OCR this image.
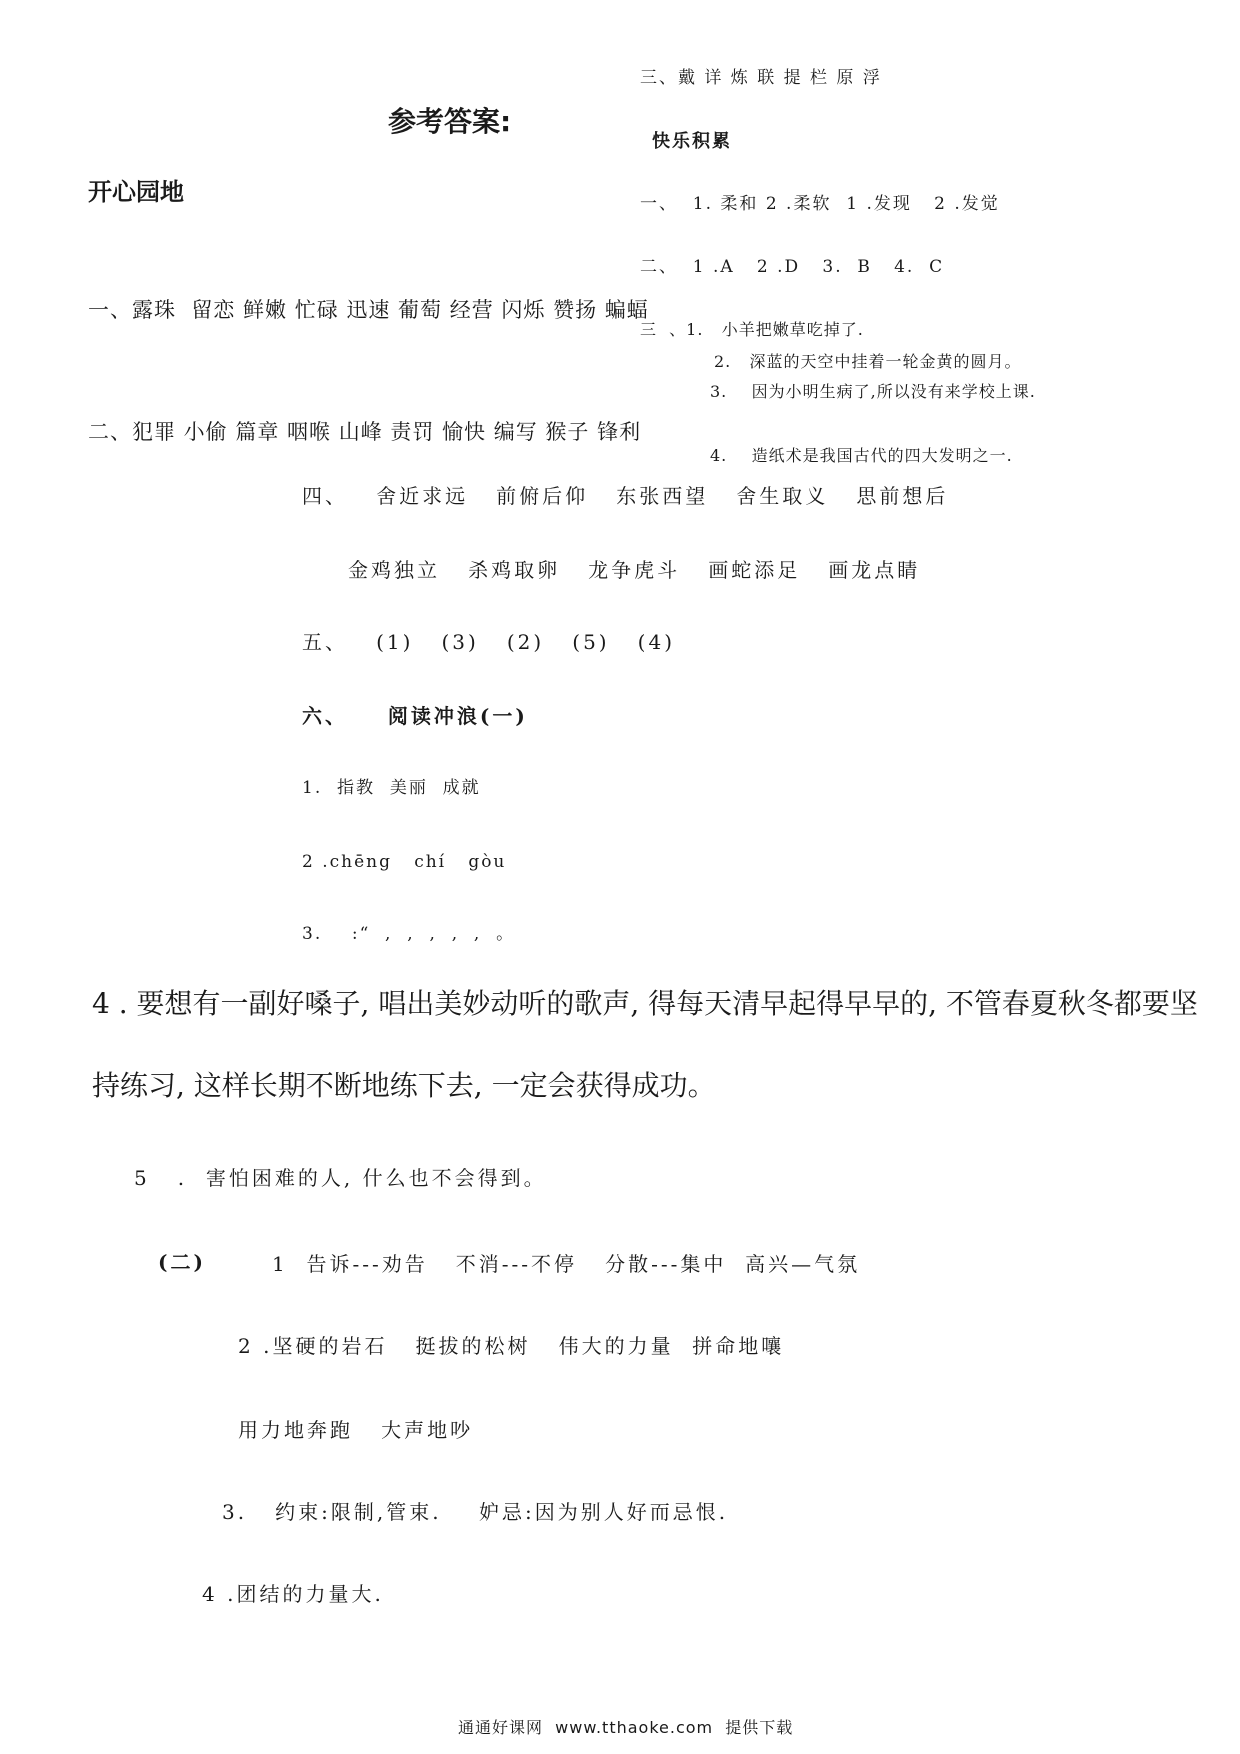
参考答案:
开心园地
一、露珠  留恋 鲜嫩 忙碌 迅速 葡萄 经营 闪烁 赞扬 蝙蝠
二、犯罪 小偷 篇章 咽喉 山峰 责罚 愉快 编写 猴子 锋利
三、戴 详 炼 联 提 栏 原 浮
快乐积累
一、  1. 柔和 2 .柔软  1 .发现   2 .发觉
二、  1 .A   2 .D   3.  B   4.  C
三  、1.   小羊把嫩草吃掉了.
2.   深蓝的天空中挂着一轮金黄的圆月。
3.    因为小明生病了,所以没有来学校上课.
4.    造纸术是我国古代的四大发明之一.
四、   舍近求远   前俯后仰   东张西望   舍生取义   思前想后
金鸡独立   杀鸡取卵   龙争虎斗   画蛇添足   画龙点睛
五、   (1)   (3)   (2)   (5)   (4)
六、    阅读冲浪(一)
1.  指教  美丽  成就
2 .chēng   chí   gòu
3.    :“  ,  ,  ,  ,  ,  。
4 . 要想有一副好嗓子, 唱出美妙动听的歌声, 得每天清早起得早早的, 不管春夏秋冬都要坚
持练习, 这样长期不断地练下去, 一定会获得成功。
5   .  害怕困难的人, 什么也不会得到。
(二)	1  告诉---劝告   不消---不停   分散---集中  高兴—气氛
2 .坚硬的岩石   挺拔的松树   伟大的力量  拼命地嚷
用力地奔跑   大声地吵
3.   约束:限制,管束.    妒忌:因为别人好而忌恨.
4 .团结的力量大.
通通好课网  www.tthaoke.com  提供下载
